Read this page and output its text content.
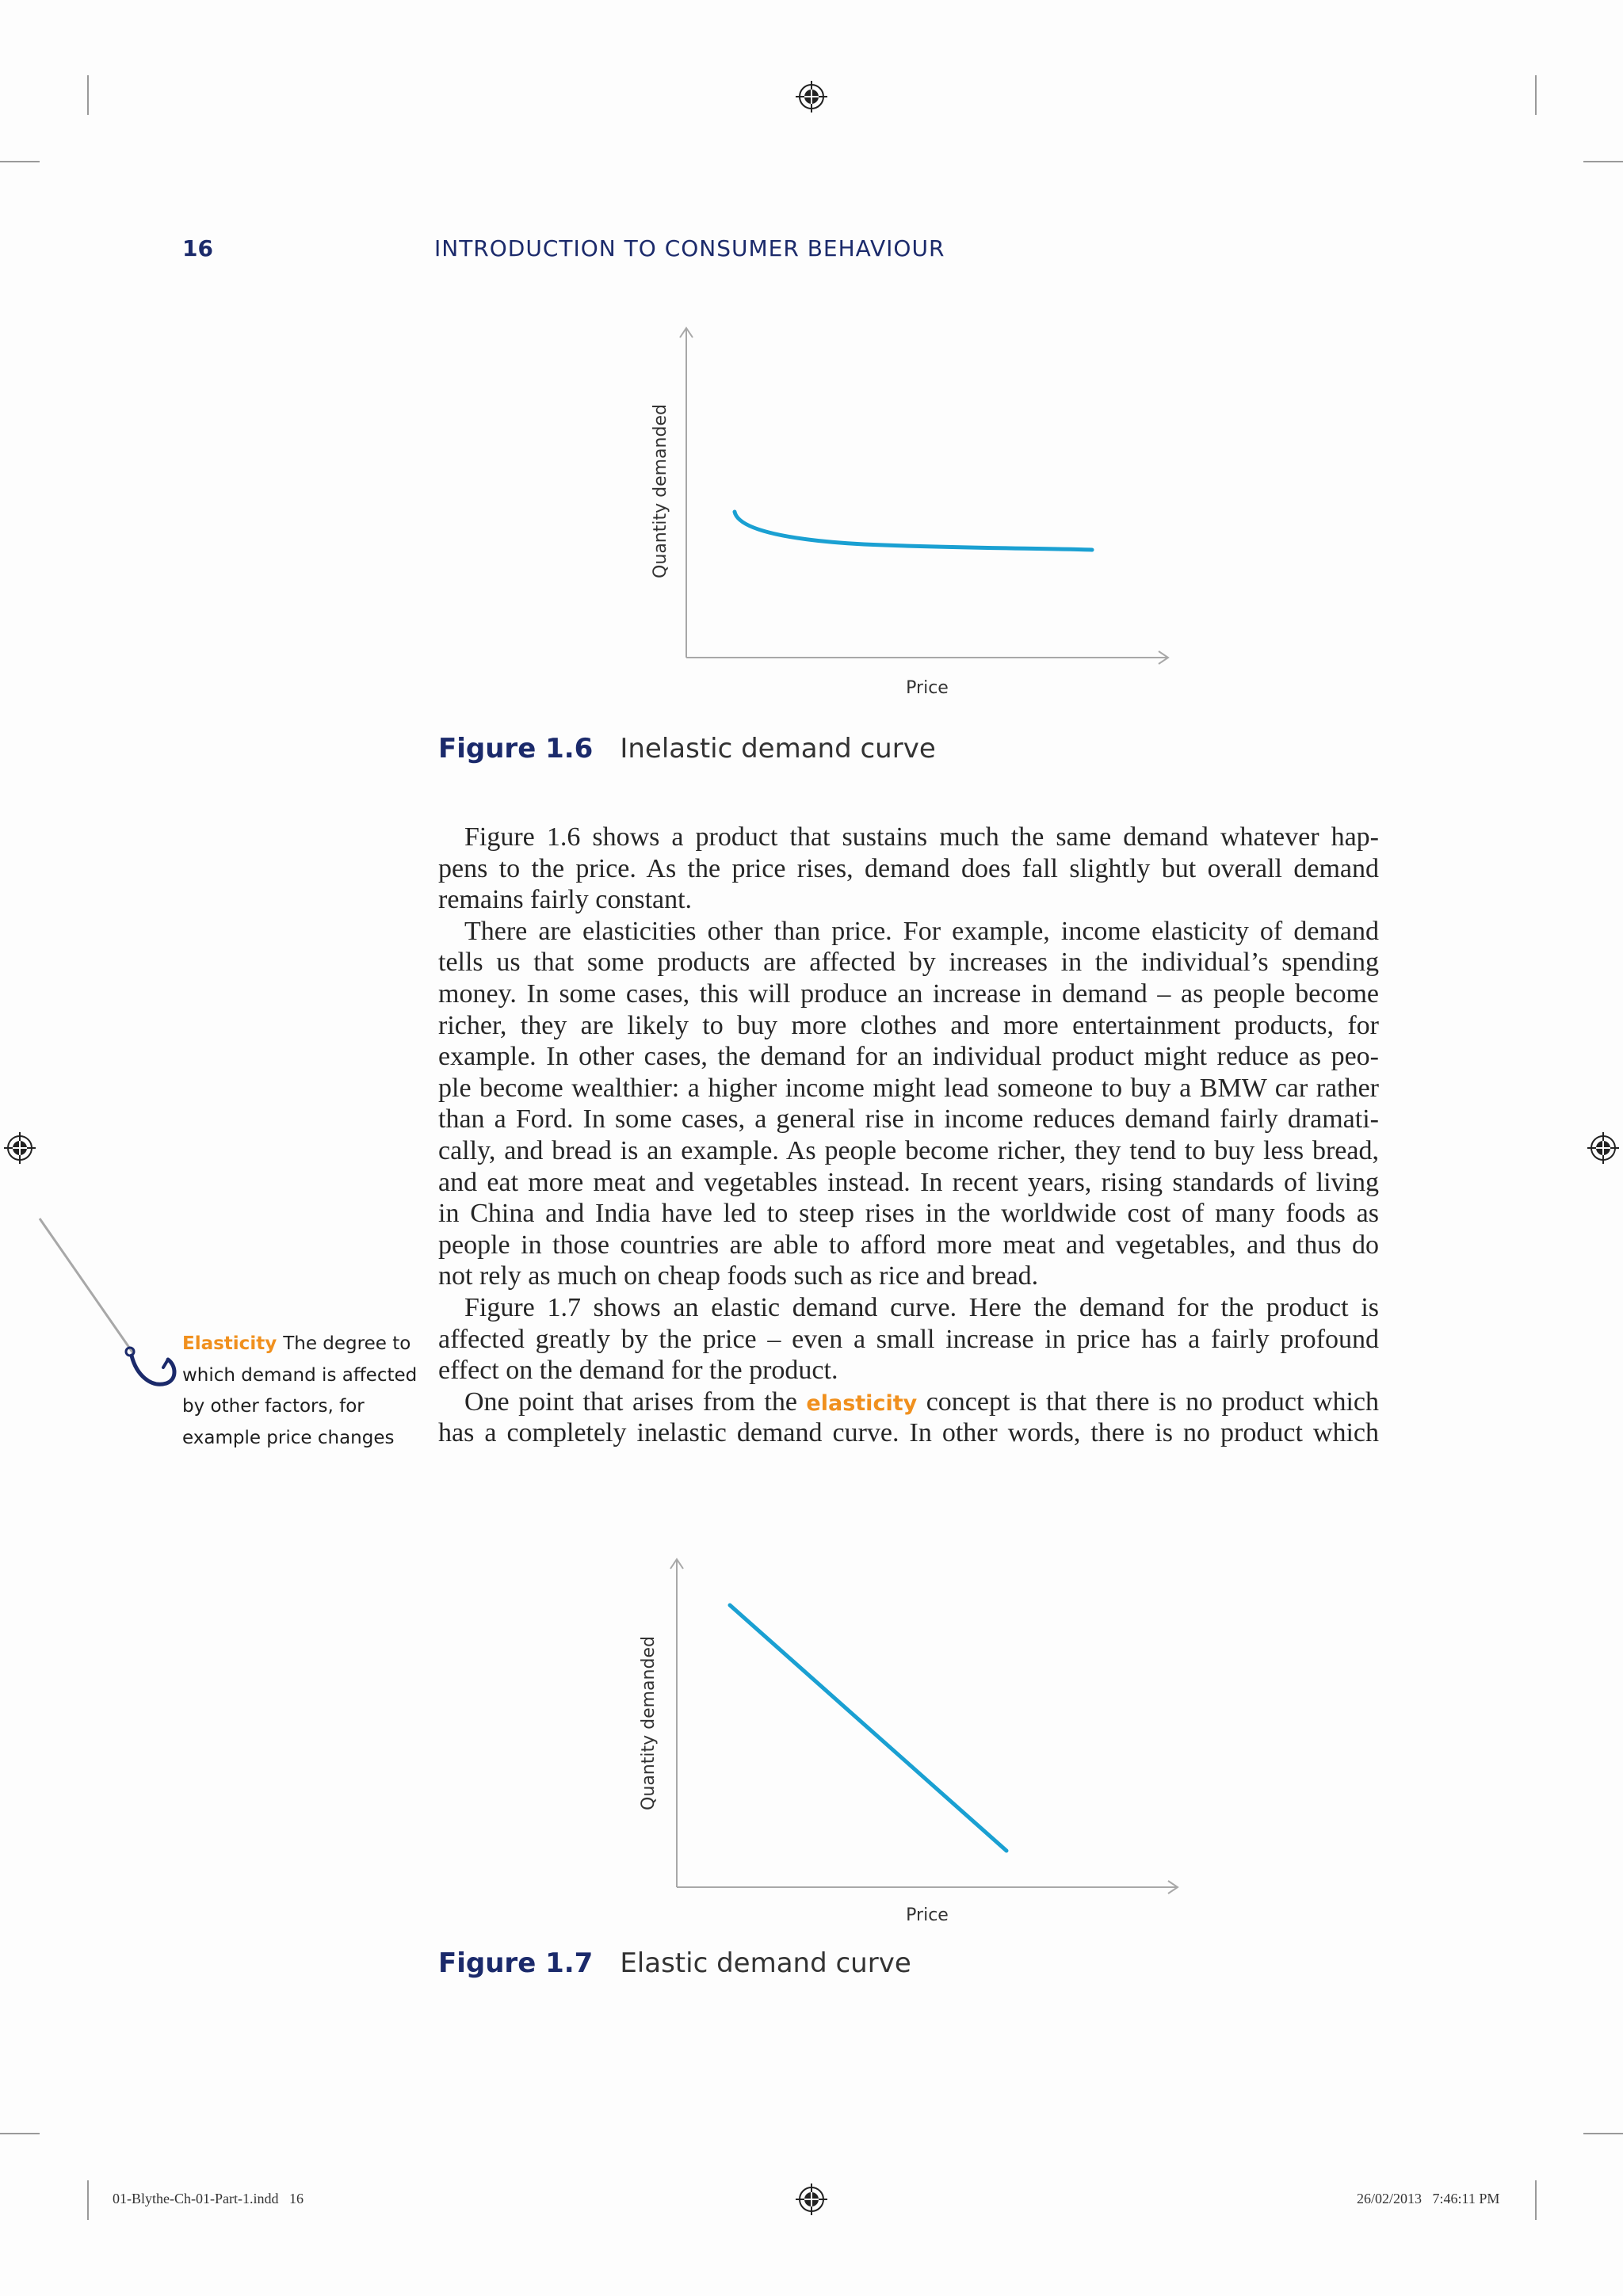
16	INTRODUCTION TO CONSUMER BEHAVIOUR
Quantity demanded
Price
Figure 1.6 Inelastic demand curve
Figure 1.6 shows a product that sustains much the same demand whatever hap-
pens to the price. As the price rises, demand does fall slightly but overall demand
remains fairly constant.
There are elasticities other than price. For example, income elasticity of demand
tells us that some products are affected by increases in the individual’s spending
money. In some cases, this will produce an increase in demand – as people become
richer, they are likely to buy more clothes and more entertainment products, for
example. In other cases, the demand for an individual product might reduce as peo-
ple become wealthier: a higher income might lead someone to buy a BMW car rather
than a Ford. In some cases, a general rise in income reduces demand fairly dramati-
cally, and bread is an example. As people become richer, they tend to buy less bread,
and eat more meat and vegetables instead. In recent years, rising standards of living
in China and India have led to steep rises in the worldwide cost of many foods as
people in those countries are able to afford more meat and vegetables, and thus do
not rely as much on cheap foods such as rice and bread.
Figure 1.7 shows an elastic demand curve. Here the demand for the product is
affected greatly by the price – even a small increase in price has a fairly profound
effect on the demand for the product.
One point that arises from the elasticity concept is that there is no product which
has a completely inelastic demand curve. In other words, there is no product which
Elasticity The degree to which demand is affected by other factors, for example price changes
Quantity demanded
Price
Figure 1.7 Elastic demand curve
01-Blythe-Ch-01-Part-1.indd   16	26/02/2013   7:46:11 PM
